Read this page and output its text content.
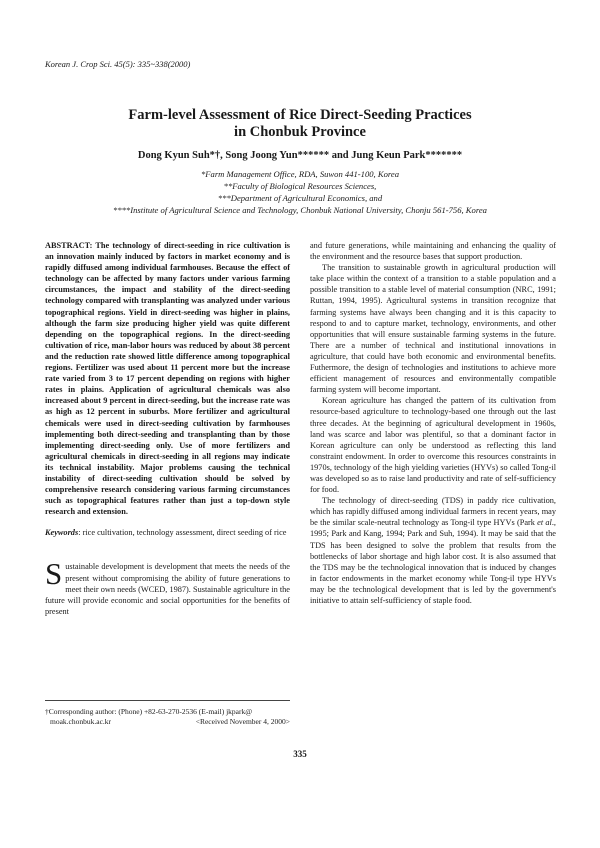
Korean J. Crop Sci. 45(5): 335~338(2000)
Farm-level Assessment of Rice Direct-Seeding Practices
in Chonbuk Province
Dong Kyun Suh*†, Song Joong Yun****** and Jung Keun Park*******
*Farm Management Office, RDA, Suwon 441-100, Korea
**Faculty of Biological Resources Sciences,
***Department of Agricultural Economics, and
****Institute of Agricultural Science and Technology, Chonbuk National University, Chonju 561-756, Korea

ABSTRACT: The technology of direct-seeding in rice cultivation is an innovation mainly induced by factors in market economy and is rapidly diffused among individual farmhouses. Because the effect of technology can be affected by many factors under various farming circumstances, the impact and stability of the direct-seeding technology compared with transplanting was analyzed under various topographical regions. Yield in direct-seeding was higher in plains, although the farm size producing higher yield was quite different depending on the topographical regions. In the direct-seeding cultivation of rice, man-labor hours was reduced by about 38 percent and the reduction rate showed little difference among topographical regions. Fertilizer was used about 11 percent more but the increase rate varied from 3 to 17 percent depending on regions with higher rates in plains. Application of agricultural chemicals was also increased about 9 percent in direct-seeding, but the increase rate was as high as 12 percent in suburbs. More fertilizer and agricultural chemicals were used in direct-seeding cultivation by farmhouses implementing both direct-seeding and transplanting than by those implementing direct-seeding only. Use of more fertilizers and agricultural chemicals in direct-seeding in all regions may indicate its technical instability. Major problems causing the technical instability of direct-seeding cultivation should be solved by comprehensive research considering various farming circumstances such as topographical features rather than just a top-down style research and extension.

Keywords: rice cultivation, technology assessment, direct seeding of rice

Sustainable development is development that meets the needs of the present without compromising the ability of future generations to meet their own needs (WCED, 1987). Sustainable agriculture in the future will provide economic and social opportunities for the benefits of present

†Corresponding author: (Phone) +82-63-270-2536 (E-mail) jkpark@
moak.chonbuk.ac.kr	<Received November 4, 2000>

and future generations, while maintaining and enhancing the quality of the environment and the resource bases that support production.

The transition to sustainable growth in agricultural production will take place within the context of a transition to a stable population and a possible transition to a stable level of material consumption (NRC, 1991; Ruttan, 1994, 1995). Agricultural systems in transition recognize that farming systems have always been changing and it is this capacity to respond to and to capture market, technology, environments, and other opportunities that will ensure sustainable farming systems in the future. There are a number of technical and institutional innovations in agriculture, that could have both economic and environmental benefits. Futhermore, the design of technologies and institutions to achieve more efficient management of resources and environmentally compatible farming system will become important.

Korean agriculture has changed the pattern of its cultivation from resource-based agriculture to technology-based one through out the last three decades. At the beginning of agricultural development in 1960s, land was scarce and labor was plentiful, so that a dominant factor in Korean agriculture can only be understood as reflecting this land constraint endowment. In order to overcome this resources constraints in 1970s, technology of the high yielding varieties (HYVs) so called Tong-il was developed so as to raise land productivity and rate of self-sufficiency for food.

The technology of direct-seeding (TDS) in paddy rice cultivation, which has rapidly diffused among individual farmers in recent years, may be the similar scale-neutral technology as Tong-il type HYVs (Park et al., 1995; Park and Kang, 1994; Park and Suh, 1994). It may be said that the TDS has been designed to solve the problem that results from the bottlenecks of labor shortage and high labor cost. It is also assumed that the TDS may be the technological innovation that is induced by changes in factor endowments in the market economy while Tong-il type HYVs may be the technological development that is led by the government's initiative to attain self-sufficiency of staple food.

335
